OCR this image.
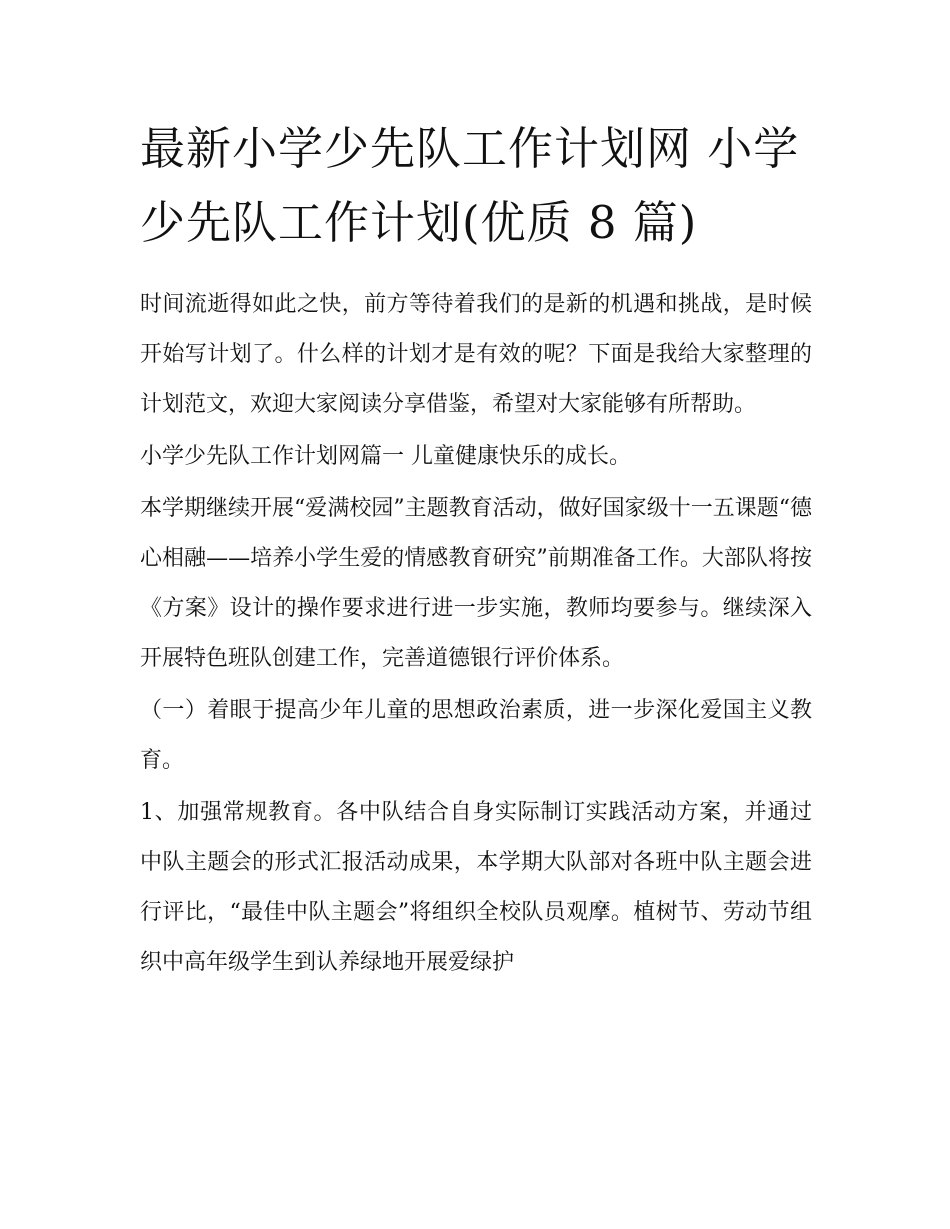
最新小学少先队工作计划网 小学少先队工作计划(优质 8 篇)

时间流逝得如此之快，前方等待着我们的是新的机遇和挑战，是时候开始写计划了。什么样的计划才是有效的呢？下面是我给大家整理的计划范文，欢迎大家阅读分享借鉴，希望对大家能够有所帮助。

小学少先队工作计划网篇一 儿童健康快乐的成长。

本学期继续开展“爱满校园”主题教育活动，做好国家级十一五课题“德心相融——培养小学生爱的情感教育研究”前期准备工作。大部队将按《方案》设计的操作要求进行进一步实施，教师均要参与。继续深入开展特色班队创建工作，完善道德银行评价体系。

（一）着眼于提高少年儿童的思想政治素质，进一步深化爱国主义教育。

1、加强常规教育。各中队结合自身实际制订实践活动方案，并通过中队主题会的形式汇报活动成果，本学期大队部对各班中队主题会进行评比，“最佳中队主题会”将组织全校队员观摩。植树节、劳动节组织中高年级学生到认养绿地开展爱绿护
